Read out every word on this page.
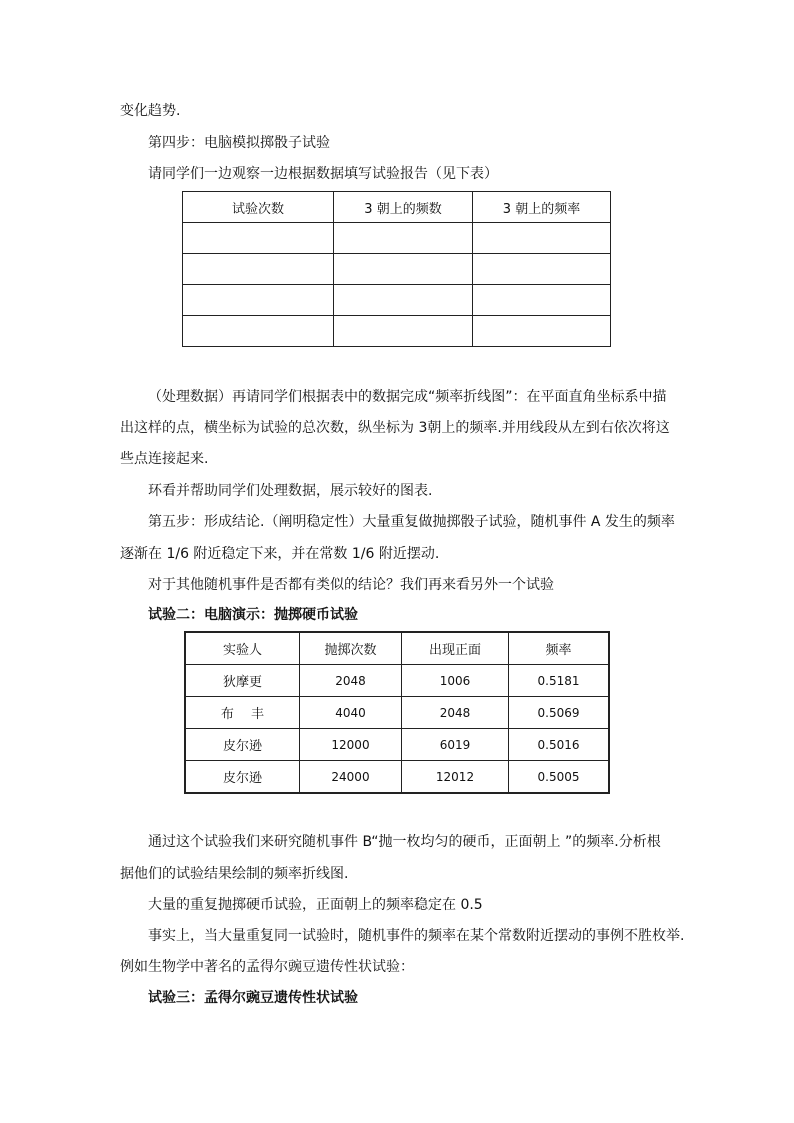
变化趋势.
第四步：电脑模拟掷骰子试验
请同学们一边观察一边根据数据填写试验报告（见下表）
试验次数	3 朝上的频数	3 朝上的频率

（处理数据）再请同学们根据表中的数据完成“频率折线图”：在平面直角坐标系中描
出这样的点，横坐标为试验的总次数，纵坐标为 3朝上的频率.并用线段从左到右依次将这
些点连接起来.
环看并帮助同学们处理数据，展示较好的图表.
第五步：形成结论.（阐明稳定性）大量重复做抛掷骰子试验，随机事件 A 发生的频率
逐渐在 1/6 附近稳定下来，并在常数 1/6 附近摆动.
对于其他随机事件是否都有类似的结论？我们再来看另外一个试验
试验二：电脑演示：抛掷硬币试验
实验人	抛掷次数	出现正面	频率
狄摩更	2048	1006	0.5181
布　 丰	4040	2048	0.5069
皮尔逊	12000	6019	0.5016
皮尔逊	24000	12012	0.5005
通过这个试验我们来研究随机事件 B“抛一枚均匀的硬币，正面朝上 ”的频率.分析根
据他们的试验结果绘制的频率折线图.
大量的重复抛掷硬币试验，正面朝上的频率稳定在 0.5
事实上，当大量重复同一试验时，随机事件的频率在某个常数附近摆动的事例不胜枚举.
例如生物学中著名的孟得尔豌豆遗传性状试验：
试验三：孟得尔豌豆遗传性状试验
